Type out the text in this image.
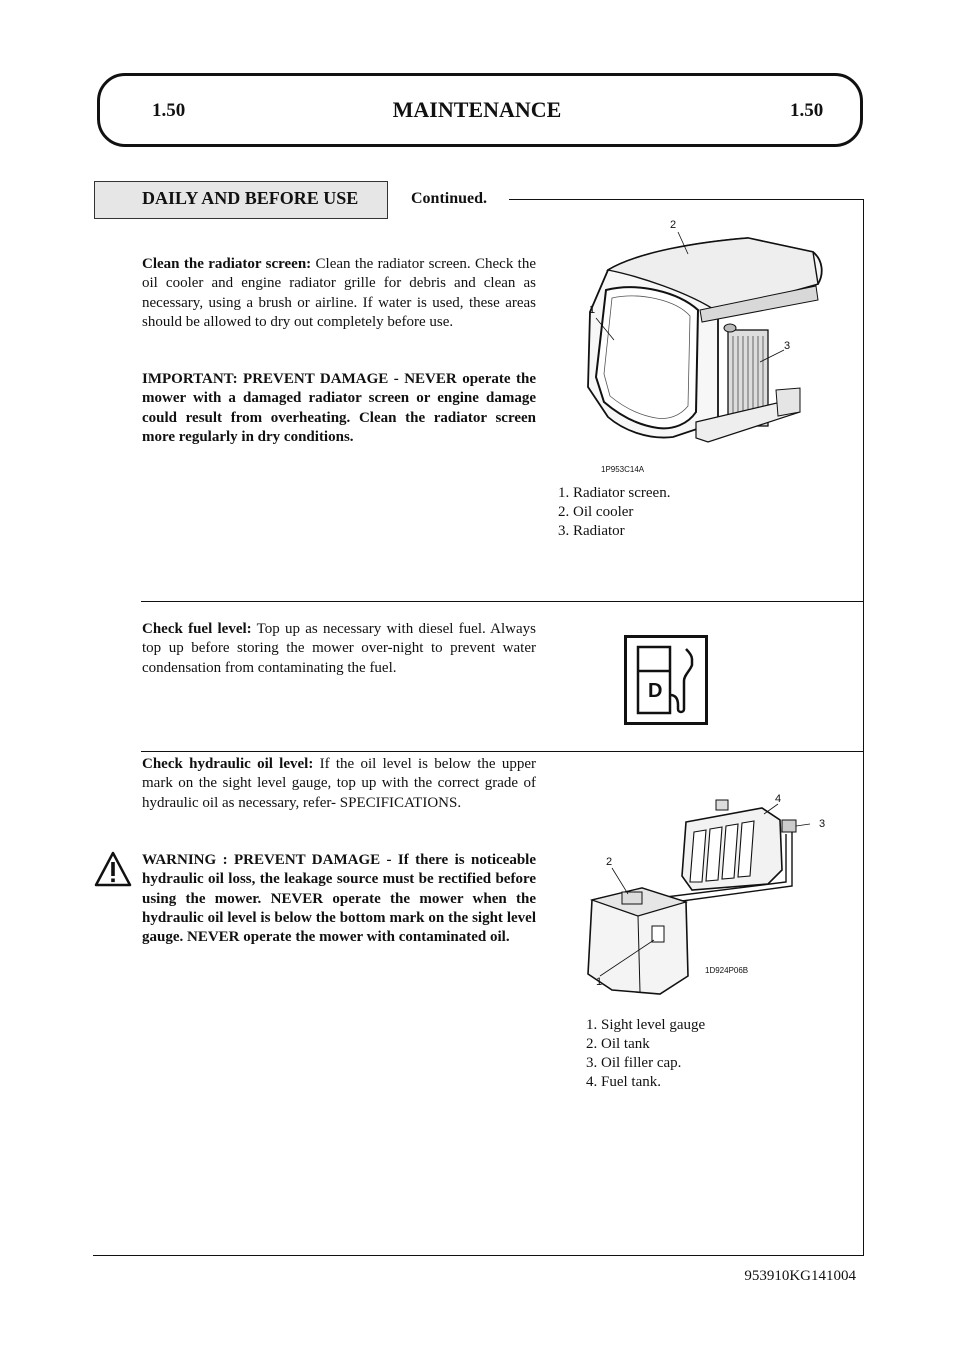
1.50	MAINTENANCE	1.50
DAILY AND BEFORE USE	Continued.
Clean the radiator screen: Clean the radiator screen. Check the oil cooler and engine radiator grille for debris and clean as necessary, using a brush or airline. If water is used, these areas should be allowed to dry out completely before use.
IMPORTANT: PREVENT DAMAGE - NEVER operate the mower with a damaged radiator screen or engine damage could result from overheating. Clean the radiator screen more regularly in dry conditions.
2
1
3
1P953C14A
1. Radiator screen.
2. Oil cooler
3. Radiator
Check fuel level: Top up as necessary with diesel fuel. Always top up before storing the mower over-night to prevent water condensation from contaminating the fuel.
D
Check hydraulic oil level: If the oil level is below the upper mark on the sight level gauge, top up with the correct grade of hydraulic oil as necessary, refer- SPECIFICATIONS.
WARNING : PREVENT DAMAGE - If there is noticeable hydraulic oil loss, the leakage source must be rectified before using the mower. NEVER operate the mower when the hydraulic oil level is below the bottom mark on the sight level gauge. NEVER operate the mower with contaminated oil.
4
3
2
1
1D924P06B
1. Sight level gauge
2. Oil tank
3. Oil filler cap.
4. Fuel tank.
953910KG141004
